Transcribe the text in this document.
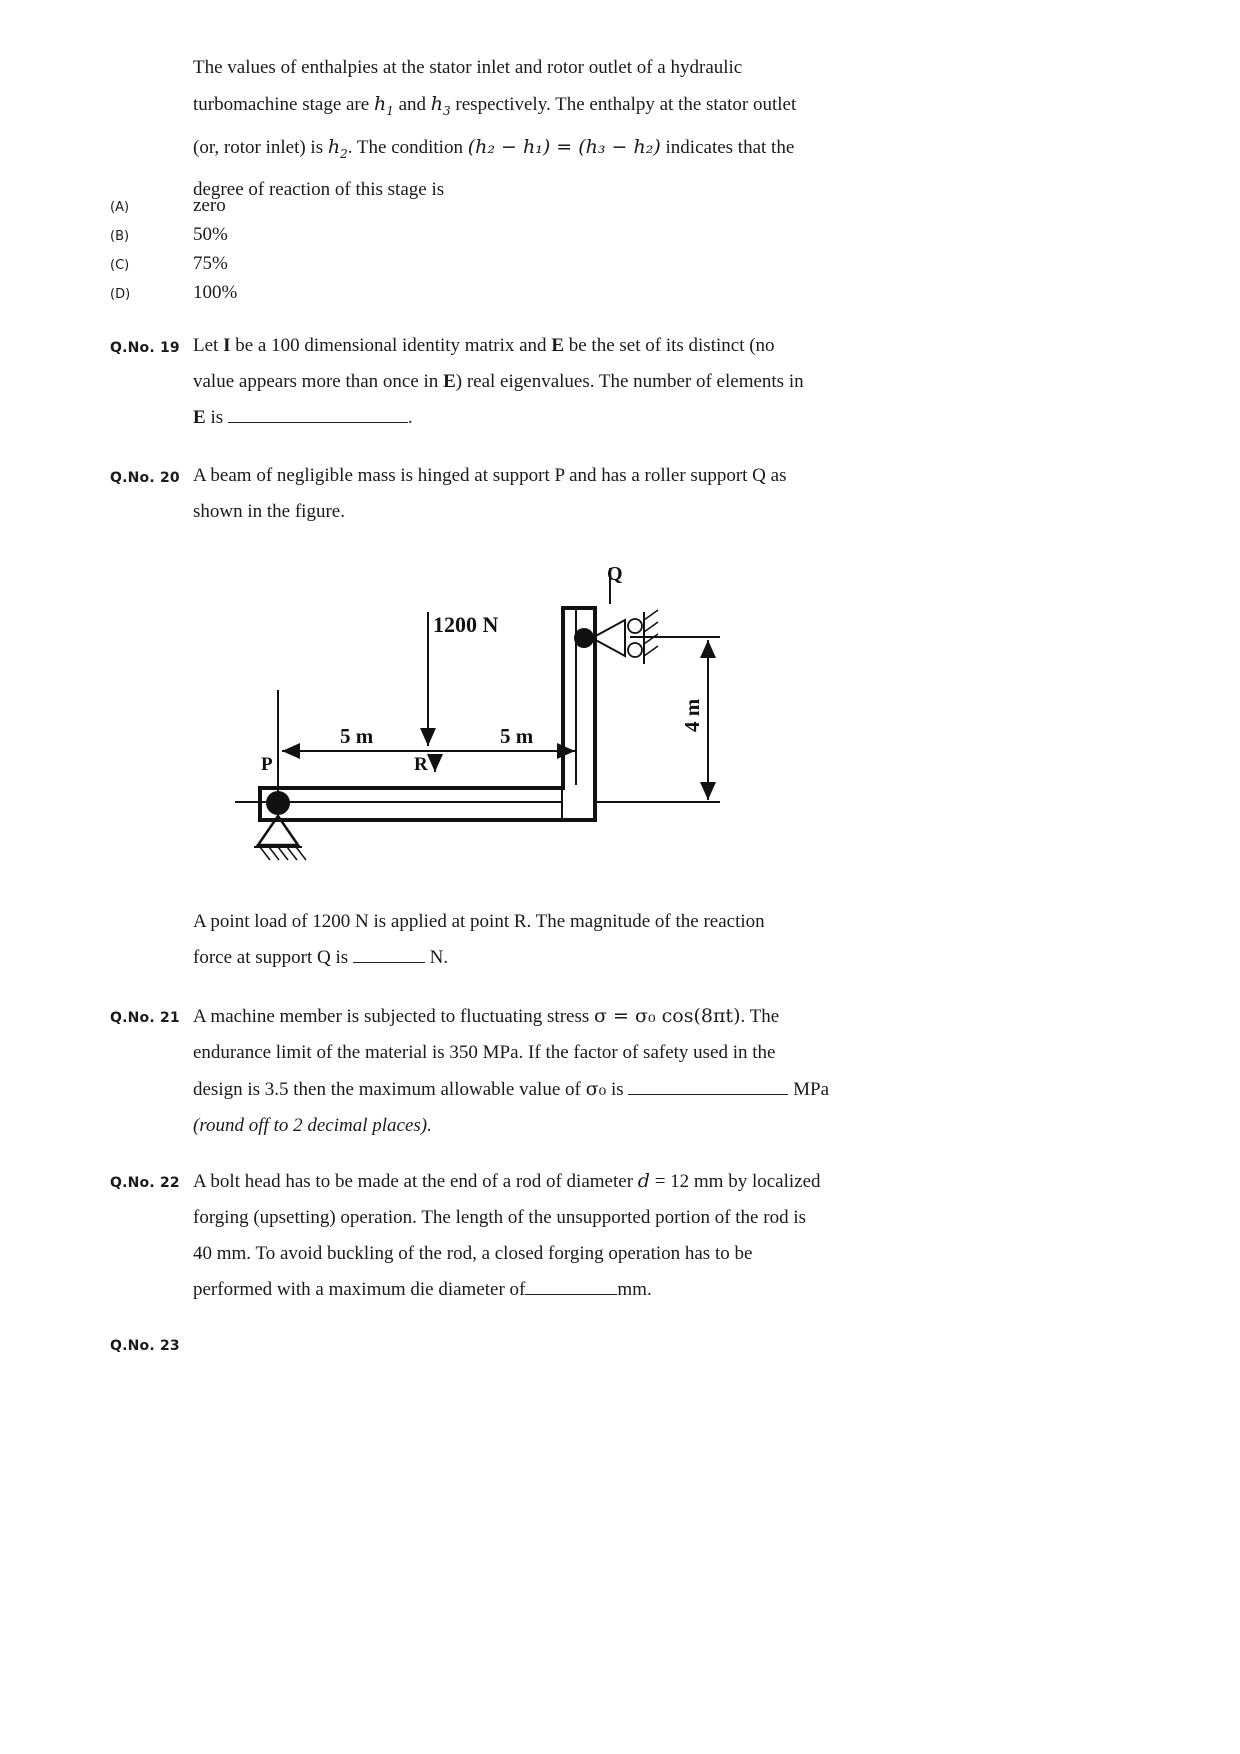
The values of enthalpies at the stator inlet and rotor outlet of a hydraulic
turbomachine stage are $h_1$ and $h_3$ respectively. The enthalpy at the stator outlet
(or, rotor inlet) is $h_2$. The condition (h₂ − h₁) = (h₃ − h₂) indicates that the
degree of reaction of this stage is
(A)	zero
(B)	50%
(C)	75%
(D)	100%
Q.No. 19 Let I be a 100 dimensional identity matrix and E be the set of its distinct (no
value appears more than once in E) real eigenvalues. The number of elements in
E is	.
Q.No. 20 A beam of negligible mass is hinged at support P and has a roller support Q as
shown in the figure.
Q
1200 N
5 m	5 m
P	R
4 m
A point load of 1200 N is applied at point R. The magnitude of the reaction
force at support Q is	N.
Q.No. 21 A machine member is subjected to fluctuating stress σ = σ₀ cos(8πt). The
endurance limit of the material is 350 MPa. If the factor of safety used in the
design is 3.5 then the maximum allowable value of σ₀ is	MPa
(round off to 2 decimal places).
Q.No. 22 A bolt head has to be made at the end of a rod of diameter d = 12 mm by localized
forging (upsetting) operation. The length of the unsupported portion of the rod is
40 mm. To avoid buckling of the rod, a closed forging operation has to be
performed with a maximum die diameter of	mm.
Q.No. 23
